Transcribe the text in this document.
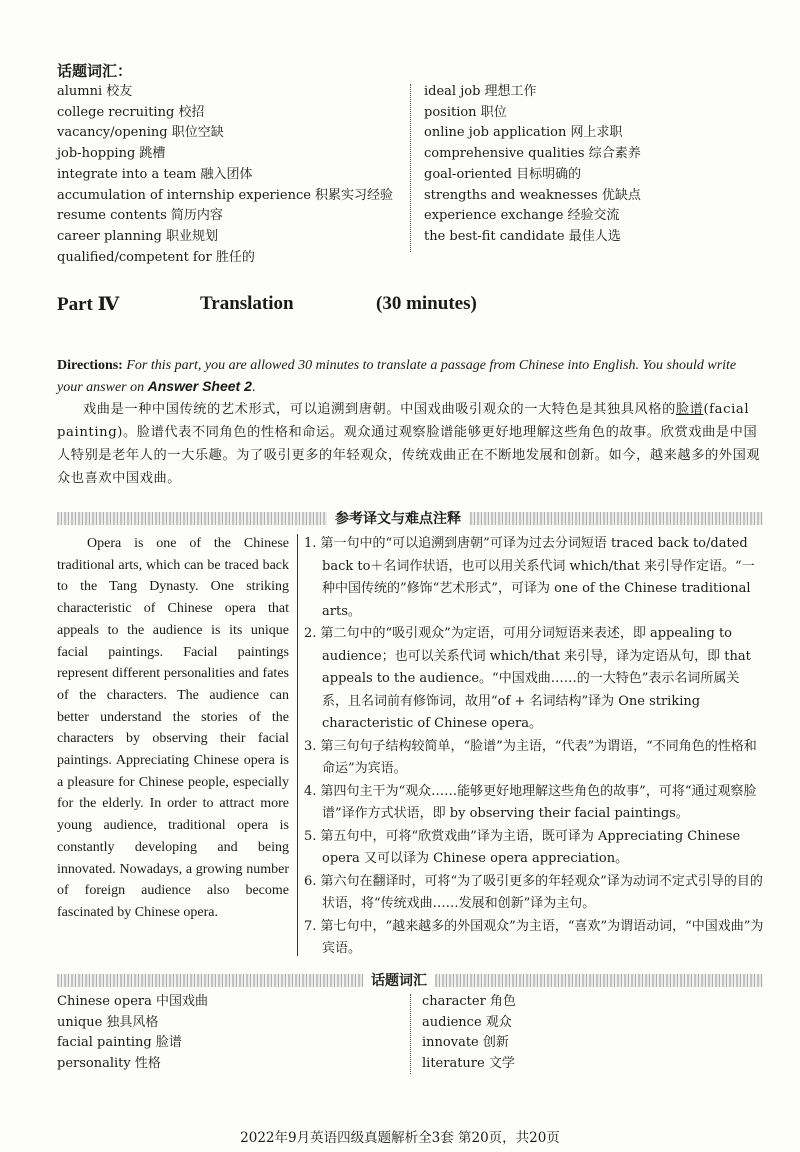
话题词汇：
alumni 校友
college recruiting 校招
vacancy/opening 职位空缺
job-hopping 跳槽
integrate into a team 融入团体
accumulation of internship experience 积累实习经验
resume contents 简历内容
career planning 职业规划
qualified/competent for 胜任的
ideal job 理想工作
position 职位
online job application 网上求职
comprehensive qualities 综合素养
goal-oriented 目标明确的
strengths and weaknesses 优缺点
experience exchange 经验交流
the best-fit candidate 最佳人选
Part Ⅳ	Translation	(30 minutes)
Directions: For this part, you are allowed 30 minutes to translate a passage from Chinese into English. You should write your answer on Answer Sheet 2.

戏曲是一种中国传统的艺术形式，可以追溯到唐朝。中国戏曲吸引观众的一大特色是其独具风格的脸谱(facial painting)。脸谱代表不同角色的性格和命运。观众通过观察脸谱能够更好地理解这些角色的故事。欣赏戏曲是中国人特别是老年人的一大乐趣。为了吸引更多的年轻观众，传统戏曲正在不断地发展和创新。如今，越来越多的外国观众也喜欢中国戏曲。

参考译文与难点注释

Opera is one of the Chinese traditional arts, which can be traced back to the Tang Dynasty. One striking characteristic of Chinese opera that appeals to the audience is its unique facial paintings. Facial paintings represent different personalities and fates of the characters. The audience can better understand the stories of the characters by observing their facial paintings. Appreciating Chinese opera is a pleasure for Chinese people, especially for the elderly. In order to attract more young audience, traditional opera is constantly developing and being innovated. Nowadays, a growing number of foreign audience also become fascinated by Chinese opera.

1. 第一句中的“可以追溯到唐朝”可译为过去分词短语 traced back to/dated back to＋名词作状语，也可以用关系代词 which/that 来引导作定语。“一种中国传统的”修饰“艺术形式”，可译为 one of the Chinese traditional arts。
2. 第二句中的“吸引观众”为定语，可用分词短语来表述，即 appealing to audience；也可以关系代词 which/that 来引导，译为定语从句，即 that appeals to the audience。“中国戏曲……的一大特色”表示名词所属关系，且名词前有修饰词，故用“of + 名词结构”译为 One striking characteristic of Chinese opera。
3. 第三句句子结构较简单，“脸谱”为主语，“代表”为谓语，“不同角色的性格和命运”为宾语。
4. 第四句主干为“观众……能够更好地理解这些角色的故事”，可将“通过观察脸谱”译作方式状语，即 by observing their facial paintings。
5. 第五句中，可将“欣赏戏曲”译为主语，既可译为 Appreciating Chinese opera 又可以译为 Chinese opera appreciation。
6. 第六句在翻译时，可将“为了吸引更多的年轻观众”译为动词不定式引导的目的状语，将“传统戏曲……发展和创新”译为主句。
7. 第七句中，“越来越多的外国观众”为主语，“喜欢”为谓语动词，“中国戏曲”为宾语。
话题词汇
Chinese opera 中国戏曲
unique 独具风格
facial painting 脸谱
personality 性格
character 角色
audience 观众
innovate 创新
literature 文学
2022年9月英语四级真题解析全3套 第20页，共20页
